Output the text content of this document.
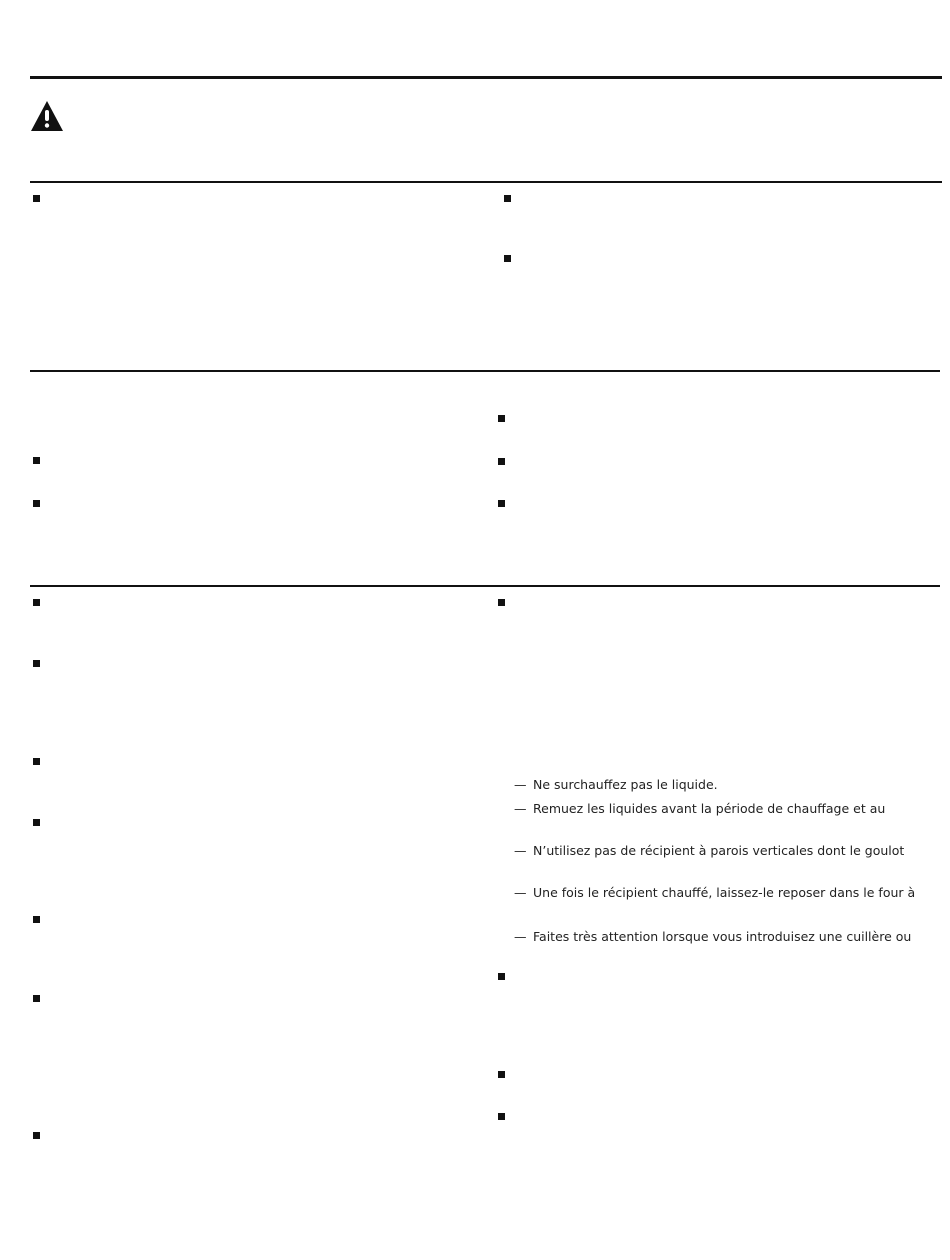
— Ne surchauffez pas le liquide.
— Remuez les liquides avant la période de chauffage et au
— N’utilisez pas de récipient à parois verticales dont le goulot
— Une fois le récipient chauffé, laissez-le reposer dans le four à
— Faites très attention lorsque vous introduisez une cuillère ou
